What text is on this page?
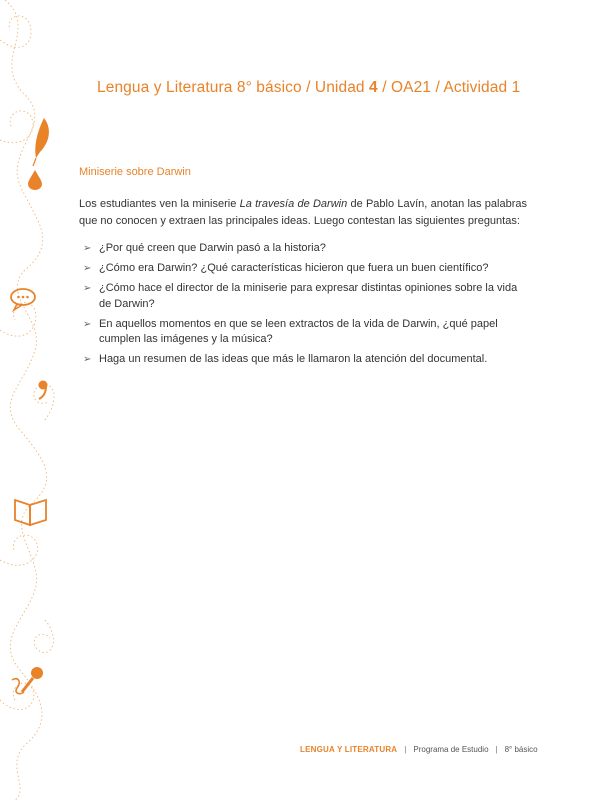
Lengua y Literatura 8° básico / Unidad 4 / OA21 / Actividad 1
Miniserie sobre Darwin
Los estudiantes ven la miniserie La travesía de Darwin de Pablo Lavín, anotan las palabras que no conocen y extraen las principales ideas. Luego contestan las siguientes preguntas:
➢ ¿Por qué creen que Darwin pasó a la historia?
➢ ¿Cómo era Darwin? ¿Qué características hicieron que fuera un buen científico?
➢ ¿Cómo hace el director de la miniserie para expresar distintas opiniones sobre la vida de Darwin?
➢ En aquellos momentos en que se leen extractos de la vida de Darwin, ¿qué papel cumplen las imágenes y la música?
➢ Haga un resumen de las ideas que más le llamaron la atención del documental.
LENGUA Y LITERATURA | Programa de Estudio | 8° básico
